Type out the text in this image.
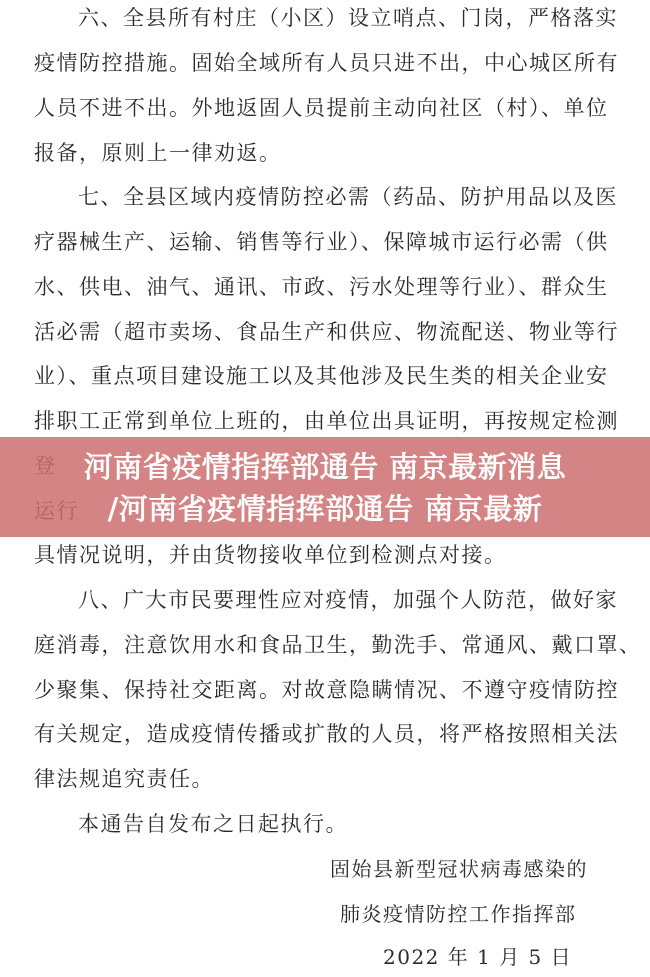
六、全县所有村庄（小区）设立哨点、门岗，严格落实
疫情防控措施。固始全域所有人员只进不出，中心城区所有
人员不进不出。外地返固人员提前主动向社区（村）、单位
报备，原则上一律劝返。
七、全县区域内疫情防控必需（药品、防护用品以及医
疗器械生产、运输、销售等行业）、保障城市运行必需（供
水、供电、油气、通讯、市政、污水处理等行业）、群众生
活必需（超市卖场、食品生产和供应、物流配送、物业等行
业）、重点项目建设施工以及其他涉及民生类的相关企业安
排职工正常到单位上班的，由单位出具证明，再按规定检测
具情况说明，并由货物接收单位到检测点对接。
八、广大市民要理性应对疫情，加强个人防范，做好家
庭消毒，注意饮用水和食品卫生，勤洗手、常通风、戴口罩、
少聚集、保持社交距离。对故意隐瞒情况、不遵守疫情防控
有关规定，造成疫情传播或扩散的人员，将严格按照相关法
律法规追究责任。
本通告自发布之日起执行。
固始县新型冠状病毒感染的
肺炎疫情防控工作指挥部
2022 年 1 月 5 日
河南省疫情指挥部通告 南京最新消息
/河南省疫情指挥部通告 南京最新
